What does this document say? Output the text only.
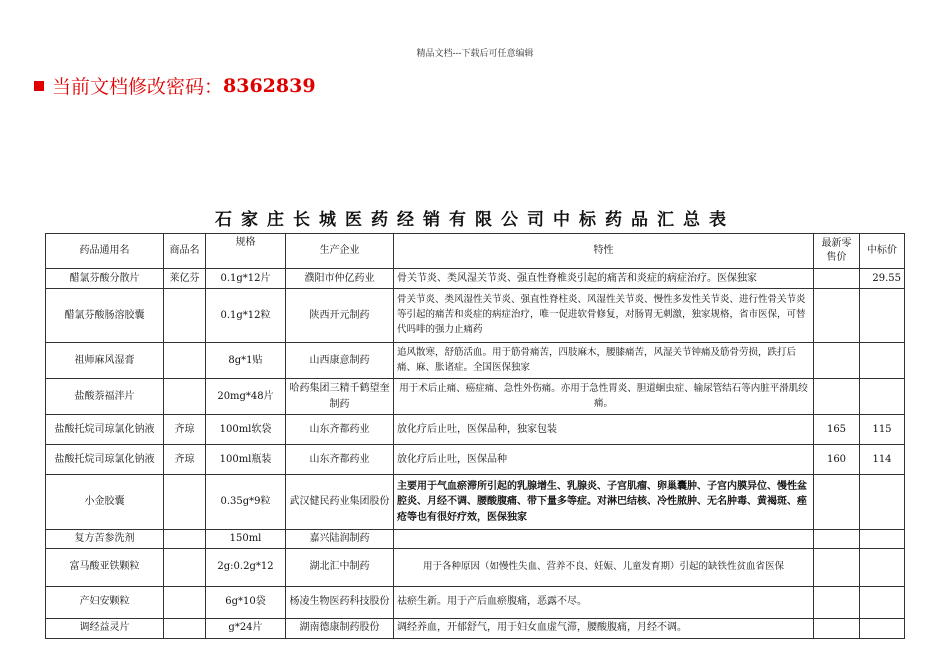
精品文档---下载后可任意编辑
当前文档修改密码： 8362839
石家庄长城医药经销有限公司中标药品汇总表
药品通用名	商品名	规格	生产企业	特性	最新零售价	中标价
醋氯芬酸分散片	莱亿芬	0.1g*12片	濮阳市仲亿药业	骨关节炎、类风湿关节炎、强直性脊椎炎引起的痛苦和炎症的病症治疗。医保独家		29.55
醋氯芬酸肠溶胶囊		0.1g*12粒	陕西开元制药	骨关节炎、类风湿性关节炎、强直性脊柱炎、风湿性关节炎、慢性多发性关节炎、进行性骨关节炎等引起的痛苦和炎症的病症治疗，唯一促进软骨修复，对肠胃无刺激，独家规格，省市医保，可替代吗啡的强力止痛药		
祖师麻风湿膏		8g*1贴	山西康意制药	追风散寒，舒筋活血。用于筋骨痛苦，四肢麻木，腰膝痛苦，风湿关节钟痛及筋骨劳损，跌打后痛、麻、胀诸症。全国医保独家		
盐酸萘福泮片		20mg*48片	哈药集团三精千鹤望奎制药	用于术后止痛、癌症痛、急性外伤痛。亦用于急性胃炎、胆道蛔虫症、输尿管结石等内脏平滑肌绞痛。		
盐酸托烷司琼氯化钠液	齐琼	100ml软袋	山东齐都药业	放化疗后止吐，医保品种，独家包装	165	115
盐酸托烷司琼氯化钠液	齐琼	100ml瓶装	山东齐都药业	放化疗后止吐，医保品种	160	114
小金胶囊		0.35g*9粒	武汉健民药业集团股份	主要用于气血瘀滞所引起的乳腺增生、乳腺炎、子宫肌瘤、卵巢囊肿、子宫内膜异位、慢性盆腔炎、月经不调、腰酸腹痛、带下量多等症。对淋巴结核、冷性脓肿、无名肿毒、黄褐斑、痤疮等也有很好疗效，医保独家		
复方苦参洗剂		150ml	嘉兴陆润制药			
富马酸亚铁颗粒		2g:0.2g*12	湖北汇中制药	用于各种原因（如慢性失血、营养不良、妊娠、儿童发育期）引起的缺铁性贫血省医保		
产妇安颗粒		6g*10袋	杨凌生物医药科技股份	祛瘀生新。用于产后血瘀腹痛，恶露不尽。		
调经益灵片		g*24片	湖南德康制药股份	调经养血，开郁舒气，用于妇女血虚气滞，腰酸腹痛，月经不调。		
